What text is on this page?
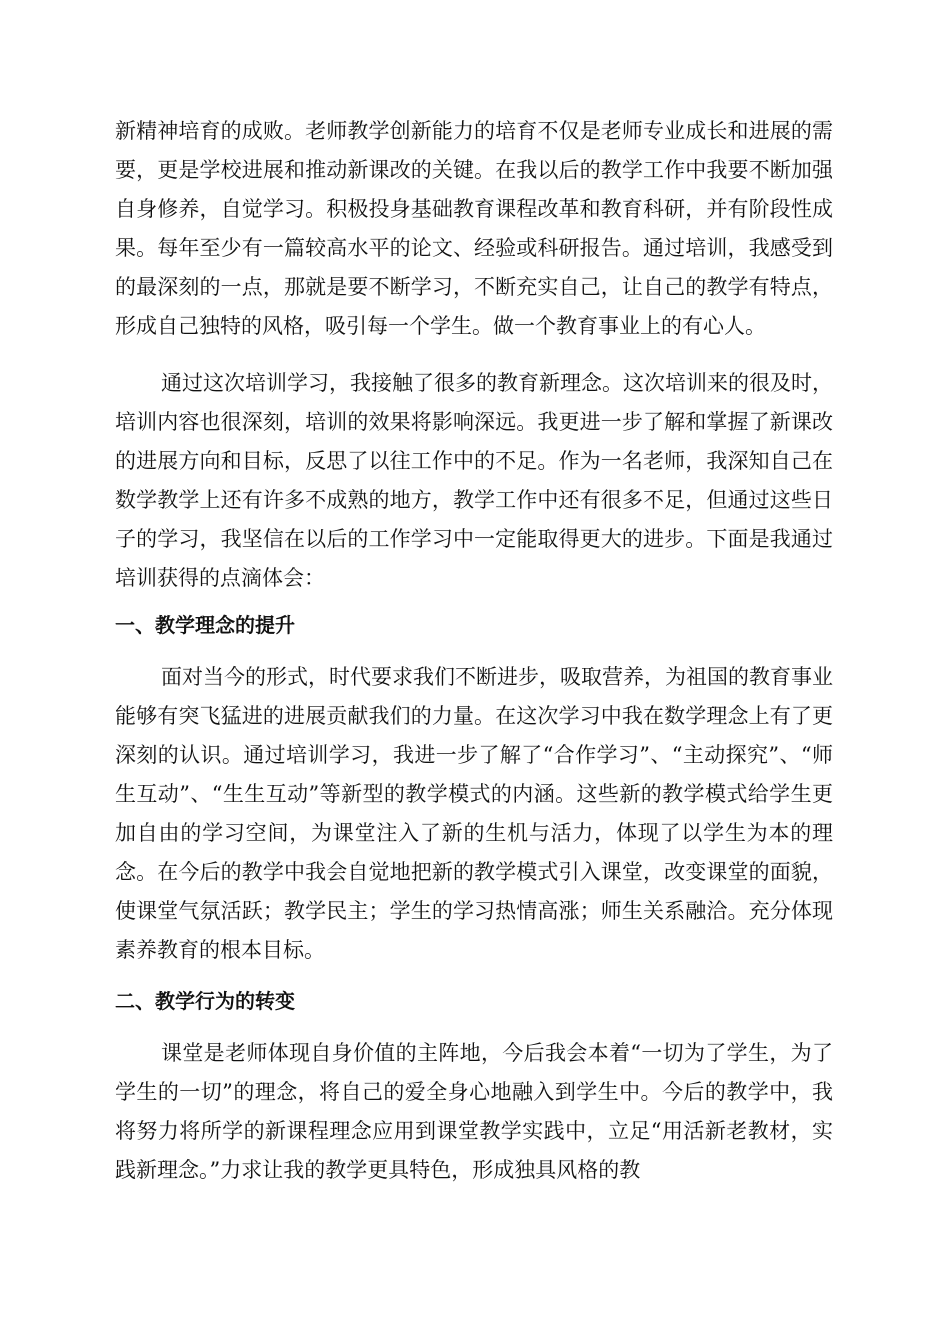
新精神培育的成败。老师教学创新能力的培育不仅是老师专业成长和进展的需要，更是学校进展和推动新课改的关键。在我以后的教学工作中我要不断加强自身修养，自觉学习。积极投身基础教育课程改革和教育科研，并有阶段性成果。每年至少有一篇较高水平的论文、经验或科研报告。通过培训，我感受到的最深刻的一点，那就是要不断学习，不断充实自己，让自己的教学有特点，形成自己独特的风格，吸引每一个学生。做一个教育事业上的有心人。

通过这次培训学习，我接触了很多的教育新理念。这次培训来的很及时，培训内容也很深刻，培训的效果将影响深远。我更进一步了解和掌握了新课改的进展方向和目标，反思了以往工作中的不足。作为一名老师，我深知自己在数学教学上还有许多不成熟的地方，教学工作中还有很多不足，但通过这些日子的学习，我坚信在以后的工作学习中一定能取得更大的进步。下面是我通过培训获得的点滴体会：

一、教学理念的提升

面对当今的形式，时代要求我们不断进步，吸取营养，为祖国的教育事业能够有突飞猛进的进展贡献我们的力量。在这次学习中我在数学理念上有了更深刻的认识。通过培训学习，我进一步了解了“合作学习”、“主动探究”、“师生互动”、“生生互动”等新型的教学模式的内涵。这些新的教学模式给学生更加自由的学习空间，为课堂注入了新的生机与活力，体现了以学生为本的理念。在今后的教学中我会自觉地把新的教学模式引入课堂，改变课堂的面貌，使课堂气氛活跃；教学民主；学生的学习热情高涨；师生关系融洽。充分体现素养教育的根本目标。

二、教学行为的转变

课堂是老师体现自身价值的主阵地，今后我会本着“一切为了学生，为了学生的一切”的理念，将自己的爱全身心地融入到学生中。今后的教学中，我将努力将所学的新课程理念应用到课堂教学实践中，立足“用活新老教材，实践新理念。”力求让我的教学更具特色，形成独具风格的教
